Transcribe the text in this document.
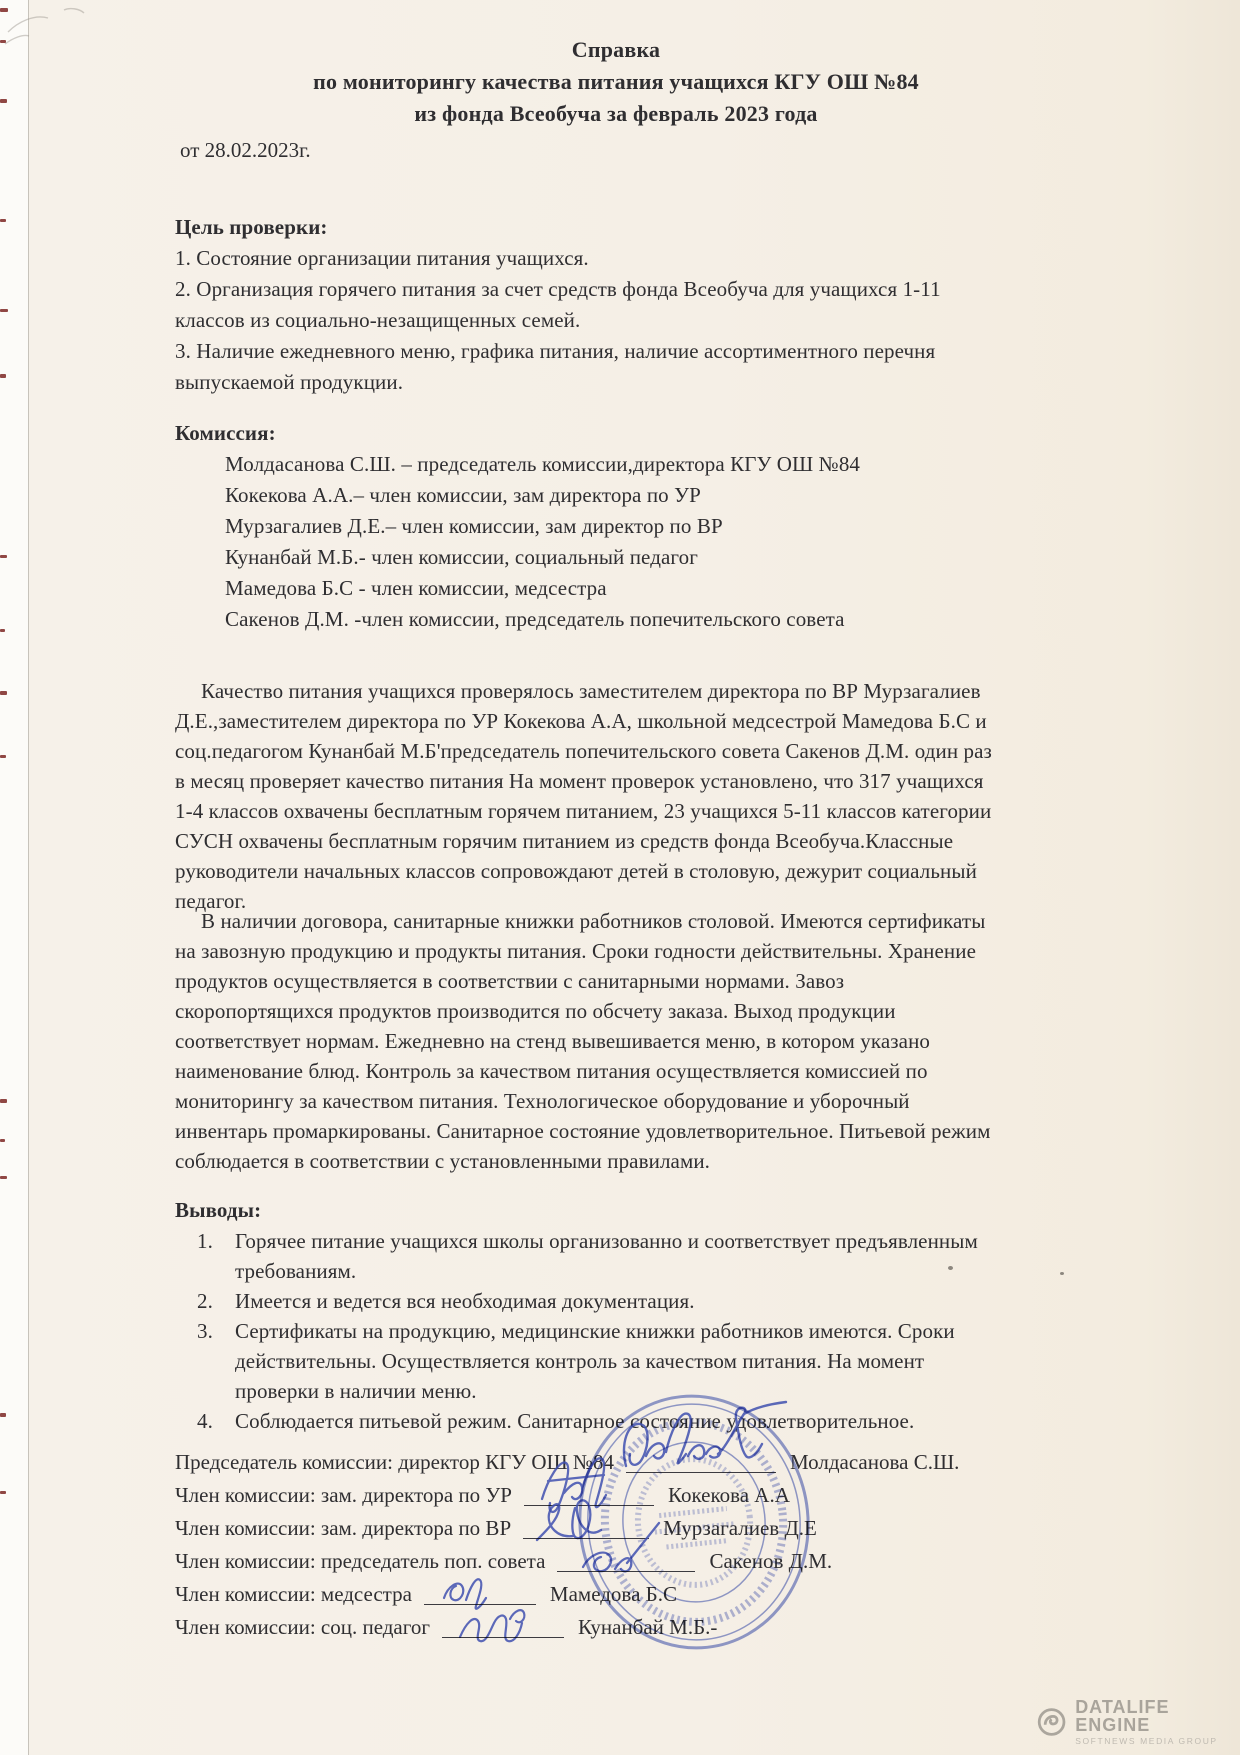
Справка
по мониторингу качества питания учащихся КГУ ОШ №84
из фонда Всеобуча за февраль 2023 года
от 28.02.2023г.
Цель проверки:
1. Состояние организации питания учащихся.
2. Организация горячего питания за счет средств фонда Всеобуча для учащихся 1-11
классов из социально-незащищенных семей.
3. Наличие ежедневного меню, графика питания, наличие ассортиментного перечня
выпускаемой продукции.
Комиссия:
Молдасанова С.Ш. – председатель комиссии,директора КГУ ОШ №84
Кокекова А.А.– член комиссии, зам директора по УР
Мурзагалиев Д.Е.– член комиссии, зам директор по ВР
Кунанбай М.Б.- член комиссии, социальный педагог
Мамедова Б.С - член комиссии, медсестра
Сакенов Д.М. -член комиссии, председатель попечительского совета
Качество питания учащихся проверялось заместителем директора по ВР Мурзагалиев
Д.Е.,заместителем директора по УР Кокекова А.А, школьной медсестрой Мамедова Б.С и
соц.педагогом Кунанбай М.Б'председатель попечительского совета Сакенов Д.М. один раз
в месяц проверяет качество питания На момент проверок установлено, что 317 учащихся
1-4 классов охвачены бесплатным горячем питанием, 23 учащихся 5-11 классов категории
СУСН охвачены бесплатным горячим питанием из средств фонда Всеобуча.Классные
руководители начальных классов сопровождают детей в столовую, дежурит социальный
педагог.
В наличии договора, санитарные книжки работников столовой. Имеются сертификаты
на завозную продукцию и продукты питания. Сроки годности действительны. Хранение
продуктов осуществляется в соответствии с санитарными нормами. Завоз
скоропортящихся продуктов производится по обсчету заказа. Выход продукции
соответствует нормам. Ежедневно на стенд вывешивается меню, в котором указано
наименование блюд. Контроль за качеством питания осуществляется комиссией по
мониторингу за качеством питания. Технологическое оборудование и уборочный
инвентарь промаркированы. Санитарное состояние удовлетворительное. Питьевой режим
соблюдается в соответствии с установленными правилами.
Выводы:
1.	Горячее питание учащихся школы организованно и соответствует предъявленным
требованиям.
2.	Имеется и ведется вся необходимая документация.
3.	Сертификаты на продукцию, медицинские книжки работников имеются. Сроки
действительны. Осуществляется контроль за качеством питания. На момент
проверки в наличии меню.
4.	Соблюдается питьевой режим. Санитарное состояние удовлетворительное.
Председатель комиссии: директор КГУ ОШ №84	Молдасанова С.Ш.
Член комиссии: зам. директора по УР	Кокекова А.А
Член комиссии: зам. директора по ВР	Мурзагалиев Д.Е
Член комиссии: председатель поп. совета	Сакенов Д.М.
Член комиссии: медсестра	Мамедова Б.С
Член комиссии: соц. педагог	Кунанбай М.Б.-
DATALIFE ENGINE
SOFTNEWS MEDIA GROUP
